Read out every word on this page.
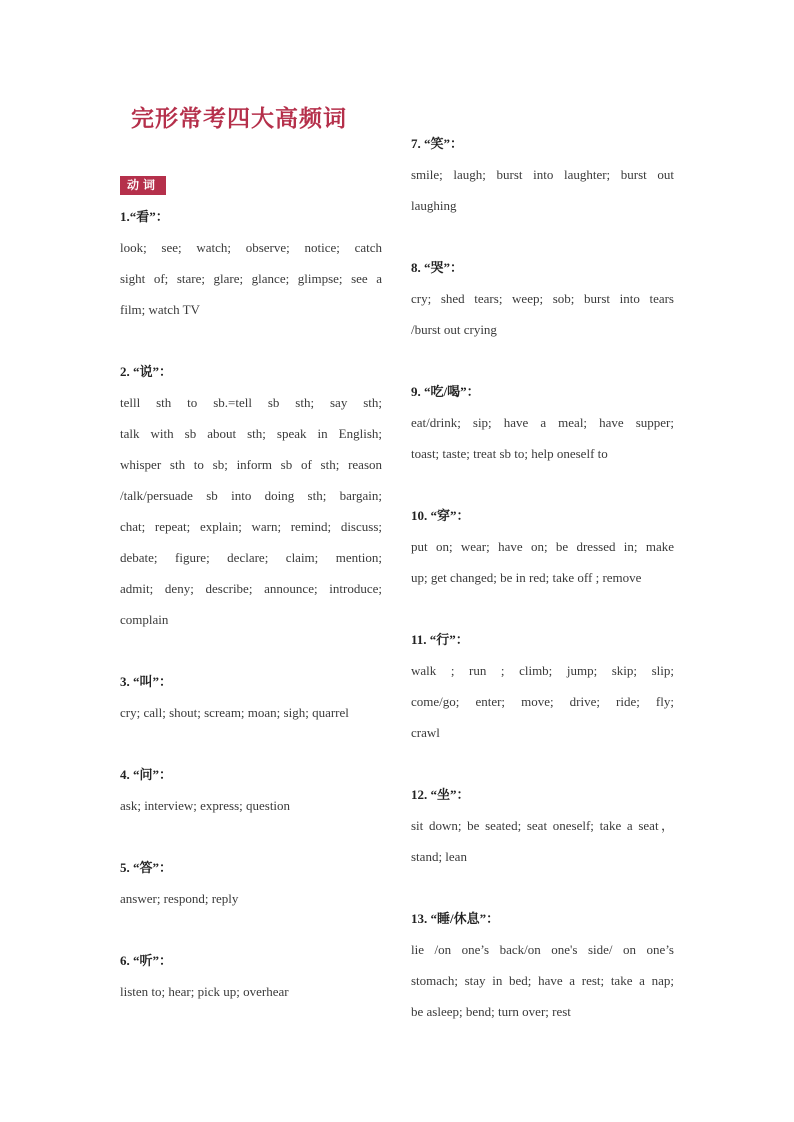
完形常考四大高频词
动词
1.“看”：
look; see; watch; observe; notice; catch
sight of; stare; glare; glance; glimpse; see a
film; watch TV
2. “说”：
telll sth to sb.=tell sb sth; say sth;
talk with sb about sth; speak in English;
whisper sth to sb; inform sb of sth; reason
/talk/persuade sb into doing sth; bargain;
chat; repeat; explain; warn; remind; discuss;
debate; figure; declare; claim; mention;
admit; deny; describe; announce; introduce;
complain
3. “叫”：
cry; call; shout; scream; moan; sigh; quarrel
4. “问”：
ask; interview; express; question
5. “答”：
answer; respond; reply
6. “听”：
listen to; hear; pick up; overhear
7. “笑”：
smile; laugh; burst into laughter; burst out
laughing
8. “哭”：
cry; shed tears; weep; sob; burst into tears
/burst out crying
9. “吃/喝”：
eat/drink; sip; have a meal; have supper;
toast; taste; treat sb to; help oneself to
10. “穿”：
put on; wear; have on; be dressed in; make
up; get changed; be in red; take off ; remove
11. “行”：
walk ; run ; climb; jump; skip; slip;
come/go; enter; move; drive; ride; fly;
crawl
12. “坐”：
sit down; be seated; seat oneself; take a seat，
stand; lean
13. “睡/休息”：
lie /on one’s back/on one's side/ on one’s
stomach; stay in bed; have a rest; take a nap;
be asleep; bend; turn over; rest
